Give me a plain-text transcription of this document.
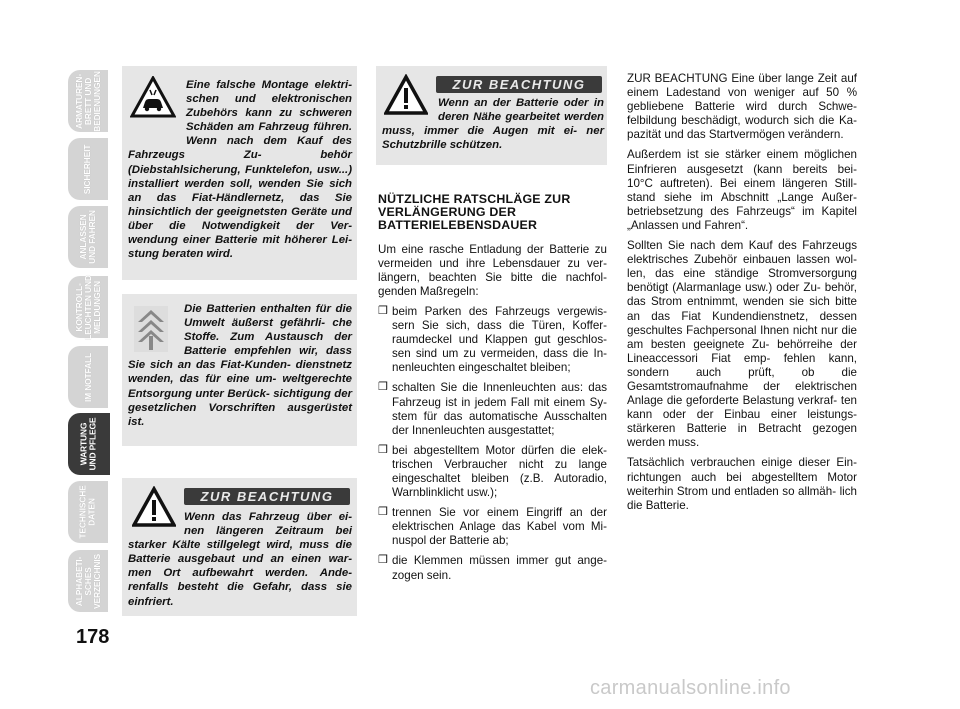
ARMATUREN-
BRETT UND
BEDIENUNGEN
SICHERHEIT
ANLASSEN
UND FAHREN
KONTROLL-
LEUCHTEN UND
MELDUNGEN
IM NOTFALL
WARTUNG
UND PFLEGE
TECHNISCHE
DATEN
ALPHABETI-
SCHES
VERZEICHNIS
178
Eine falsche Montage elektri- schen und elektronischen Zubehörs kann zu schweren Schäden am Fahrzeug führen. Wenn nach dem Kauf des Fahrzeugs Zu- behör (Diebstahlsicherung, Funktelefon, usw...) installiert werden soll, wenden Sie sich an das Fiat-Händlernetz, das Sie hinsichtlich der geeignetsten Geräte und über die Notwendigkeit der Ver- wendung einer Batterie mit höherer Lei- stung beraten wird.
Die Batterien enthalten für die Umwelt äußerst gefährli- che Stoffe. Zum Austausch der Batterie empfehlen wir, dass Sie sich an das Fiat-Kunden- dienstnetz wenden, das für eine um- weltgerechte Entsorgung unter Berück- sichtigung der gesetzlichen Vorschriften ausgerüstet ist.
ZUR BEACHTUNG
Wenn das Fahrzeug über ei- nen längeren Zeitraum bei starker Kälte stillgelegt wird, muss die Batterie ausgebaut und an einen war- men Ort aufbewahrt werden. Ande- renfalls besteht die Gefahr, dass sie einfriert.
ZUR BEACHTUNG
Wenn an der Batterie oder in deren Nähe gearbeitet werden muss, immer die Augen mit ei- ner Schutzbrille schützen.
NÜTZLICHE RATSCHLÄGE ZUR VERLÄNGERUNG DER BATTERIELEBENSDAUER

Um eine rasche Entladung der Batterie zu vermeiden und ihre Lebensdauer zu ver- längern, beachten Sie bitte die nachfol- genden Maßregeln:

❒ beim Parken des Fahrzeugs vergewis- sern Sie sich, dass die Türen, Koffer- raumdeckel und Klappen gut geschlos- sen sind um zu vermeiden, dass die In- nenleuchten eingeschaltet bleiben;
❒ schalten Sie die Innenleuchten aus: das Fahrzeug ist in jedem Fall mit einem Sy- stem für das automatische Ausschalten der Innenleuchten ausgestattet;
❒ bei abgestelltem Motor dürfen die elek- trischen Verbraucher nicht zu lange eingeschaltet bleiben (z.B. Autoradio, Warnblinklicht usw.);
❒ trennen Sie vor einem Eingriff an der elektrischen Anlage das Kabel vom Mi- nuspol der Batterie ab;
❒ die Klemmen müssen immer gut ange- zogen sein.

ZUR BEACHTUNG Eine über lange Zeit auf einem Ladestand von weniger auf 50 % gebliebene Batterie wird durch Schwe- felbildung beschädigt, wodurch sich die Ka- pazität und das Startvermögen verändern.

Außerdem ist sie stärker einem möglichen Einfrieren ausgesetzt (kann bereits bei- 10°C auftreten). Bei einem längeren Still- stand siehe im Abschnitt „Lange Außer- betriebsetzung des Fahrzeugs“ im Kapitel „Anlassen und Fahren“.

Sollten Sie nach dem Kauf des Fahrzeugs elektrisches Zubehör einbauen lassen wol- len, das eine ständige Stromversorgung benötigt (Alarmanlage usw.) oder Zu- behör, das Strom entnimmt, wenden sie sich bitte an das Fiat Kundendienstnetz, dessen geschultes Fachpersonal Ihnen nicht nur die am besten geeignete Zu- behörreihe der Lineaccessori Fiat emp- fehlen kann, sondern auch prüft, ob die Gesamtstromaufnahme der elektrischen Anlage die geforderte Belastung verkraf- ten kann oder der Einbau einer leistungs- stärkeren Batterie in Betracht gezogen werden muss.

Tatsächlich verbrauchen einige dieser Ein- richtungen auch bei abgestelltem Motor weiterhin Strom und entladen so allmäh- lich die Batterie.

carmanualsonline.info
